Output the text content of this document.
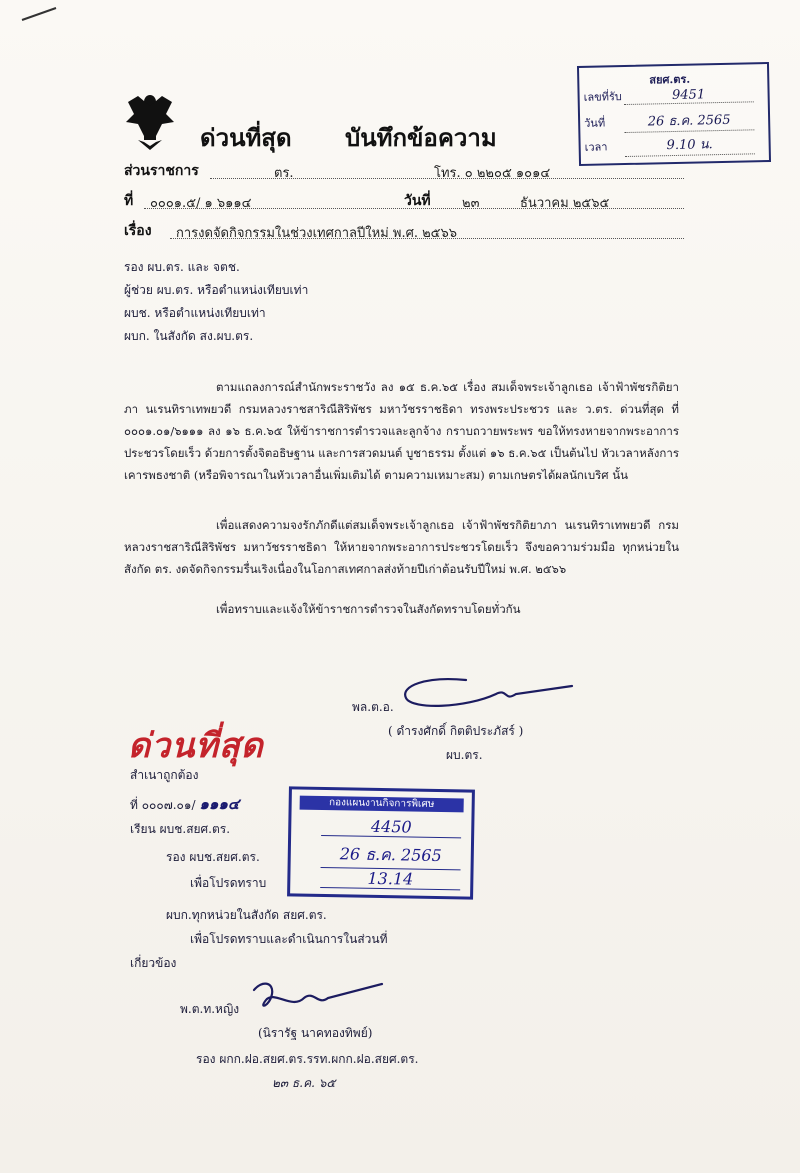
สยศ.ตร.
เลขที่รับ	9451
วันที่	26 ธ.ค. 2565
เวลา	9.10 น.
ด่วนที่สุด บันทึกข้อความ
ส่วนราชการ	ตร.	โทร. ๐ ๒๒๐๕ ๑๐๑๔
ที่ ๐๐๐๑.๕/ ๑ ๖๑๑๔	วันที่ ๒๓	ธันวาคม ๒๕๖๕
เรื่อง การงดจัดกิจกรรมในช่วงเทศกาลปีใหม่ พ.ศ. ๒๕๖๖
รอง ผบ.ตร. และ จตช.
ผู้ช่วย ผบ.ตร. หรือตำแหน่งเทียบเท่า
ผบช. หรือตำแหน่งเทียบเท่า
ผบก. ในสังกัด สง.ผบ.ตร.
ตามแถลงการณ์สำนักพระราชวัง ลง ๑๕ ธ.ค.๖๕ เรื่อง สมเด็จพระเจ้าลูกเธอ เจ้าฟ้าพัชรกิติยาภา นเรนทิราเทพยวดี กรมหลวงราชสาริณีสิริพัชร มหาวัชรราชธิดา ทรงพระประชวร และ ว.ตร. ด่วนที่สุด ที่ ๐๐๐๑.๐๑/๖๑๑๑ ลง ๑๖ ธ.ค.๖๕ ให้ข้าราชการตำรวจและลูกจ้าง กราบถวายพระพร ขอให้ทรงหายจากพระอาการประชวรโดยเร็ว ด้วยการตั้งจิตอธิษฐาน และการสวดมนต์ บูชาธรรม ตั้งแต่ ๑๖ ธ.ค.๖๕ เป็นต้นไป หัวเวลาหลังการเคารพธงชาติ (หรือพิจารณาในหัวเวลาอื่นเพิ่มเติมได้ ตามความเหมาะสม) ตามเกษตรได้ผลนักเบริศ นั้น
เพื่อแสดงความจงรักภักดีแต่สมเด็จพระเจ้าลูกเธอ เจ้าฟ้าพัชรกิติยาภา นเรนทิราเทพยวดี กรมหลวงราชสาริณีสิริพัชร มหาวัชรราชธิดา ให้หายจากพระอาการประชวรโดยเร็ว จึงขอความร่วมมือ ทุกหน่วยในสังกัด ตร. งดจัดกิจกรรมรื่นเริงเนื่องในโอกาสเทศกาลส่งท้ายปีเก่าต้อนรับปีใหม่ พ.ศ. ๒๕๖๖
เพื่อทราบและแจ้งให้ข้าราชการตำรวจในสังกัดทราบโดยทั่วกัน
พล.ต.อ.
( ดำรงศักดิ์ กิตติประภัสร์ )
ผบ.ตร.
ด่วนที่สุด
สำเนาถูกต้อง
ที่ ๐๐๐๗.๐๑/ ๑๑๑๔
เรียน ผบช.สยศ.ตร.
รอง ผบช.สยศ.ตร.
เพื่อโปรดทราบ
ผบก.ทุกหน่วยในสังกัด สยศ.ตร.
เพื่อโปรดทราบและดำเนินการในส่วนที่
เกี่ยวข้อง
กองแผนงานกิจการพิเศษ
4450
26 ธ.ค. 2565
13.14
พ.ต.ท.หญิง
(นิรารัฐ นาคทองทิพย์)
รอง ผกก.ฝอ.สยศ.ตร.รรท.ผกก.ฝอ.สยศ.ตร.
๒๓ ธ.ค. ๖๕
